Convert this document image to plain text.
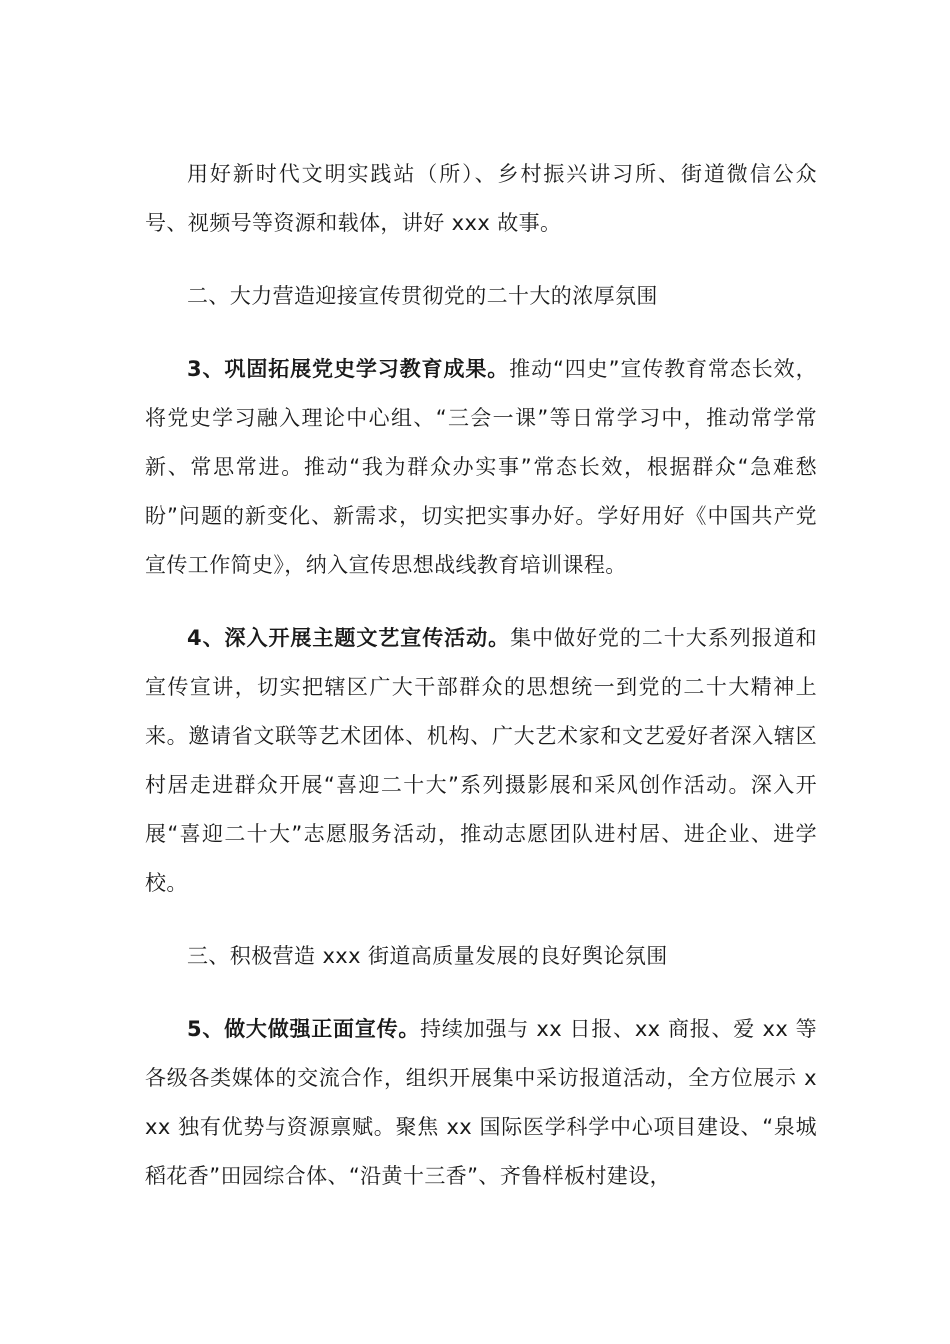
用好新时代文明实践站（所）、乡村振兴讲习所、街道微信公众号、视频号等资源和载体，讲好 xxx 故事。

二、大力营造迎接宣传贯彻党的二十大的浓厚氛围

3、巩固拓展党史学习教育成果。推动“四史”宣传教育常态长效，将党史学习融入理论中心组、“三会一课”等日常学习中，推动常学常新、常思常进。推动“我为群众办实事”常态长效，根据群众“急难愁盼”问题的新变化、新需求，切实把实事办好。学好用好《中国共产党宣传工作简史》，纳入宣传思想战线教育培训课程。

4、深入开展主题文艺宣传活动。集中做好党的二十大系列报道和宣传宣讲，切实把辖区广大干部群众的思想统一到党的二十大精神上来。邀请省文联等艺术团体、机构、广大艺术家和文艺爱好者深入辖区村居走进群众开展“喜迎二十大”系列摄影展和采风创作活动。深入开展“喜迎二十大”志愿服务活动，推动志愿团队进村居、进企业、进学校。

三、积极营造 xxx 街道高质量发展的良好舆论氛围

5、做大做强正面宣传。持续加强与 xx 日报、xx 商报、爱 xx 等各级各类媒体的交流合作，组织开展集中采访报道活动，全方位展示 xxx 独有优势与资源禀赋。聚焦 xx 国际医学科学中心项目建设、“泉城稻花香”田园综合体、“沿黄十三香”、齐鲁样板村建设，
